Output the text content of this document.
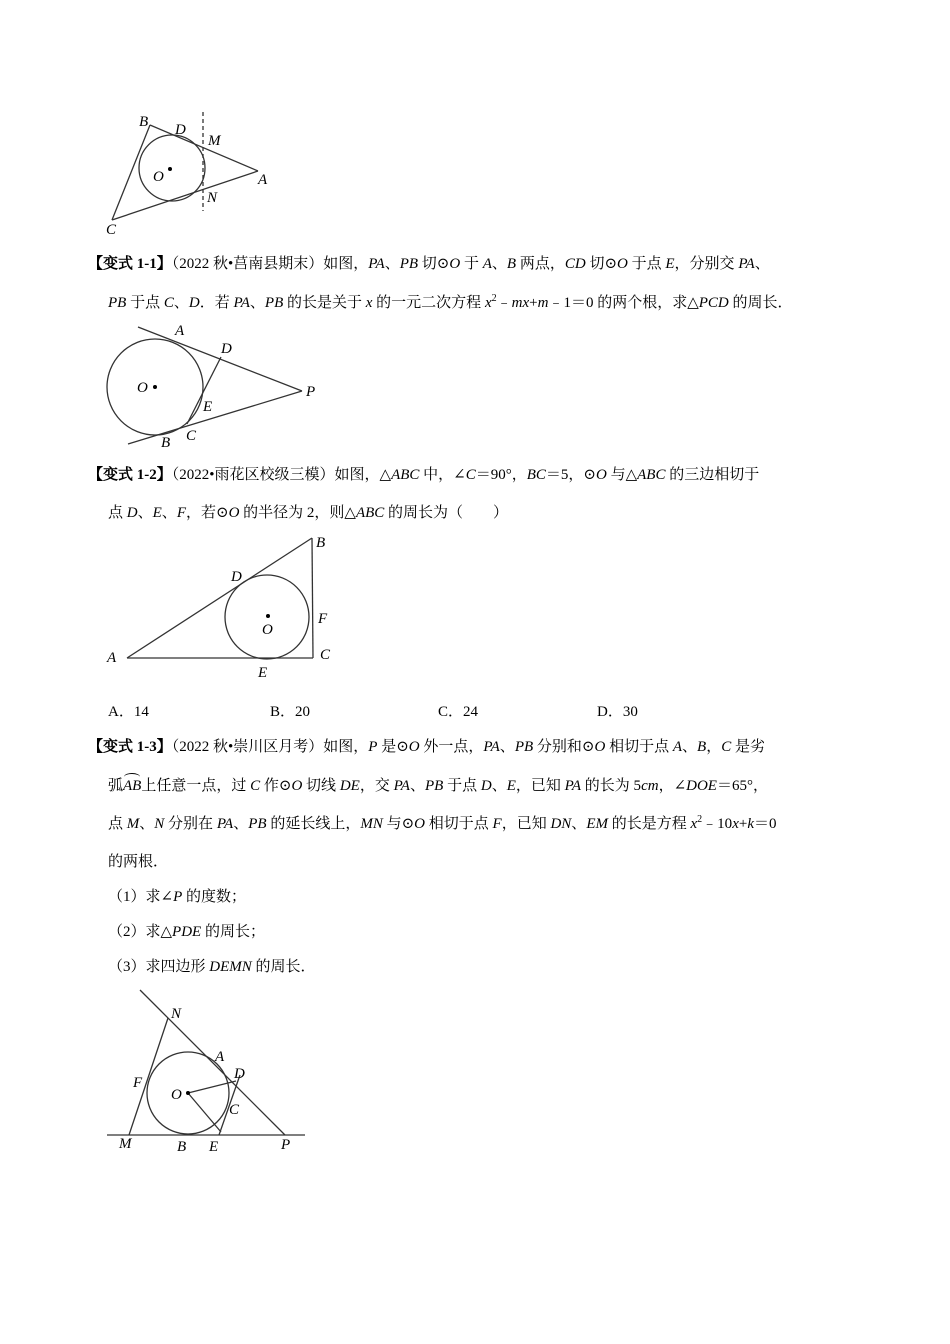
B D
M
O	A
N
C
【变式 1-1】（2022 秋•莒南县期末）如图，PA、PB 切⊙O 于 A、B 两点，CD 切⊙O 于点 E，分别交 PA、
PB 于点 C、D．若 PA、PB 的长是关于 x 的一元二次方程 $x^2﹣mx+m﹣1=0$ 的两个根，求△PCD 的周长．
A
D
O	P
E
B C
【变式 1-2】（2022•雨花区校级三模）如图，△ABC 中，∠C＝90°，BC＝5，⊙O 与△ABC 的三边相切于
点 D、E、F，若⊙O 的半径为 2，则△ABC 的周长为（　　）
B
D
O
F
A
E
C
A．14	B．20	C．24	D．30
【变式 1-3】（2022 秋•崇川区月考）如图，P 是⊙O 外一点，PA、PB 分别和⊙O 相切于点 A、B，C 是劣
弧AB上任意一点，过 C 作⊙O 切线 DE，交 PA、PB 于点 D、E，已知 PA 的长为 5cm，∠DOE＝65°，
点 M、N 分别在 PA、PB 的延长线上，MN 与⊙O 相切于点 F，已知 DN、EM 的长是方程 $x^2﹣10x+k=0$
的两根．
（1）求∠P 的度数；
（2）求△PDE 的周长；
（3）求四边形 DEMN 的周长．
N
A
D
F
O
C
M	B E	P
